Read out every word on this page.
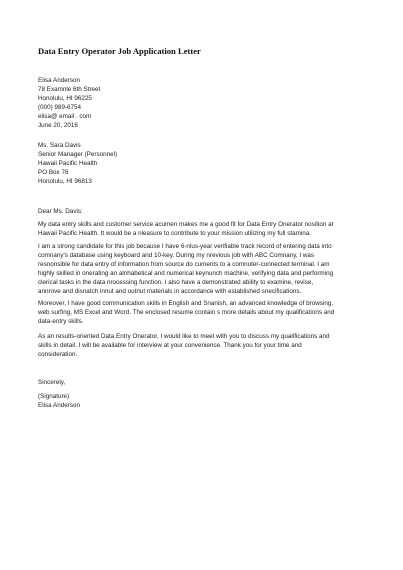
Data Entry Operator Job Application Letter
Elisa Anderson
78 Examnle 6th Street
Honolulu, HI 96225
(000) 989-6754
elisa@ email . com
June 20, 2016
Ms. Sara Davis
Senior Manager (Personnel)
Hawaii Pacific Health
PO Box 76
Honolulu, HI 96813
Dear Ms. Davis:
My data entry skills and customer service acumen makes me a good fit for Data Entry Onerator nosition at
Hawaii Pacific Health. It would be a nleasure to contribute to your mission utilizing my full stamina.
I am a strong candidate for this job because I have 6-nlus-year verifiable track record of entering data into
comnany's database using keyboard and 10-key. During my nrevious job with ABC Comnany, I was
resnonsible for data entry of information from source do cuments to a comnuter-connected terminal. I am
highly skilled in onerating an alnhabetical and numerical keynunch machine, verifying data and performing
clerical tasks in the data nrocessing function. I also have a demonstrated ability to examine, revise,
annrove and disnatch innut and outnut materials in accordance with established snecifications.
Moreover, I have good communication skills in English and Snanish, an advanced knowledge of browsing,
web surfing, MS Excel and Word. The enclosed resume contain s more details about my qualifications and
data-entry skills.
As an results-oriented Data Entry Onerator, I would like to meet with you to discuss my qualifications and
skills in detail. I will be available for interview at your convenience. Thank you for your time and
consideration.
Sincerely,
(Signature)
Elisa Anderson
